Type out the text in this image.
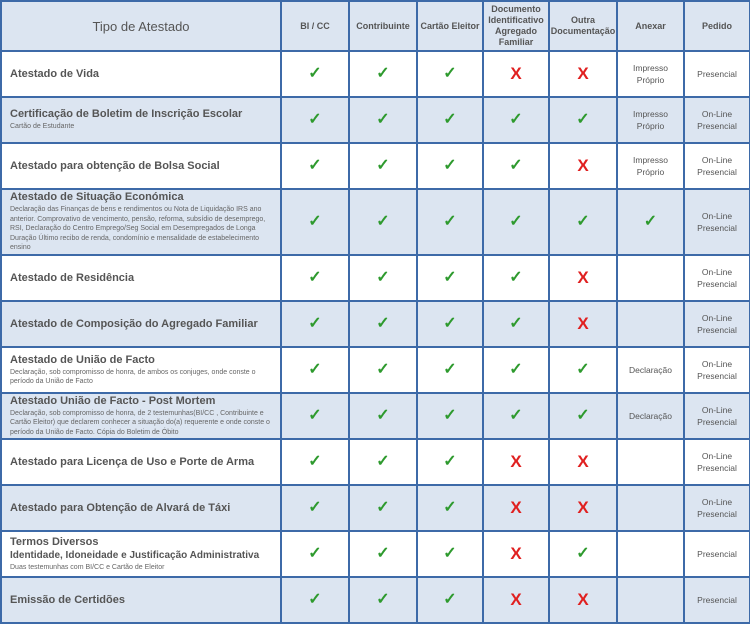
Tipo de Atestado	BI / CC	Contribuinte	Cartão Eleitor	Documento Identificativo Agregado Familiar	Outra Documentação	Anexar	Pedido

Atestado de Vida	✓	✓	✓	X	X	Impresso Próprio	Presencial

Certificação de Boletim de Inscrição Escolar
Cartão de Estudante	✓	✓	✓	✓	✓	Impresso Próprio	On-Line Presencial

Atestado para obtenção de Bolsa Social	✓	✓	✓	✓	X	Impresso Próprio	On-Line Presencial

Atestado de Situação Económica
Declaração das Finanças de bens e rendimentos ou Nota de Liquidação IRS ano anterior. Comprovativo de vencimento, pensão, reforma, subsídio de desemprego, RSI, Declaração do Centro Emprego/Seg Social em Desempregados de Longa Duração Último recibo de renda, condomínio e mensalidade de estabelecimento ensino	✓	✓	✓	✓	✓	✓	On-Line Presencial

Atestado de Residência	✓	✓	✓	✓	X		On-Line Presencial

Atestado de Composição do Agregado Familiar	✓	✓	✓	✓	X		On-Line Presencial

Atestado de União de Facto
Declaração, sob compromisso de honra, de ambos os conjuges, onde conste o período da União de Facto	✓	✓	✓	✓	✓	Declaração	On-Line Presencial

Atestado União de Facto - Post Mortem
Declaração, sob compromisso de honra, de 2 testemunhas(BI/CC , Contribuinte e Cartão Eleitor) que declarem conhecer a situação do(a) requerente e onde conste o período da União de Facto. Cópia do Boletim de Óbito	✓	✓	✓	✓	✓	Declaração	On-Line Presencial

Atestado para Licença de Uso e Porte de Arma	✓	✓	✓	X	X		On-Line Presencial

Atestado para Obtenção de Alvará de Táxi	✓	✓	✓	X	X		On-Line Presencial

Termos Diversos
Identidade, Idoneidade e Justificação Administrativa
Duas testemunhas com BI/CC e Cartão de Eleitor	✓	✓	✓	X	✓		Presencial

Emissão de Certidões	✓	✓	✓	X	X		Presencial
